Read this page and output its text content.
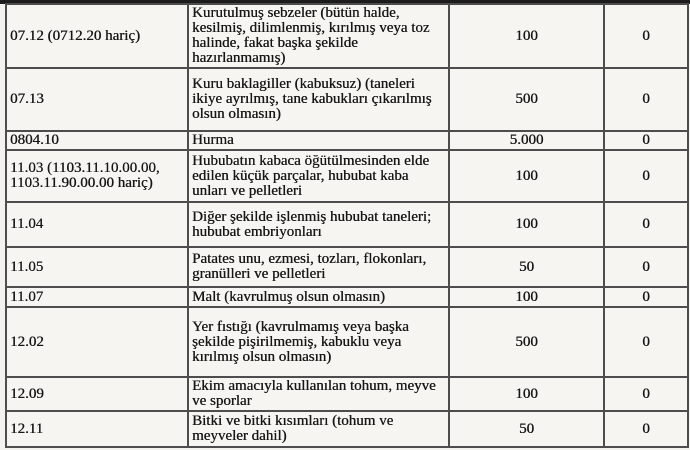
07.12 (0712.20 hariç)	Kurutulmuş sebzeler (bütün halde, kesilmiş, dilimlenmiş, kırılmış veya toz halinde, fakat başka şekilde hazırlanmamış)	100	0
07.13	Kuru baklagiller (kabuksuz) (taneleri ikiye ayrılmış, tane kabukları çıkarılmış olsun olmasın)	500	0
0804.10	Hurma	5.000	0
11.03 (1103.11.10.00.00, 1103.11.90.00.00 hariç)	Hububatın kabaca öğütülmesinden elde edilen küçük parçalar, hububat kaba unları ve pelletleri	100	0
11.04	Diğer şekilde işlenmiş hububat taneleri; hububat embriyonları	100	0
11.05	Patates unu, ezmesi, tozları, flokonları, granülleri ve pelletleri	50	0
11.07	Malt (kavrulmuş olsun olmasın)	100	0
12.02	Yer fıstığı (kavrulmamış veya başka şekilde pişirilmemiş, kabuklu veya kırılmış olsun olmasın)	500	0
12.09	Ekim amacıyla kullanılan tohum, meyve ve sporlar	100	0
12.11	Bitki ve bitki kısımları (tohum ve meyveler dahil)	50	0
